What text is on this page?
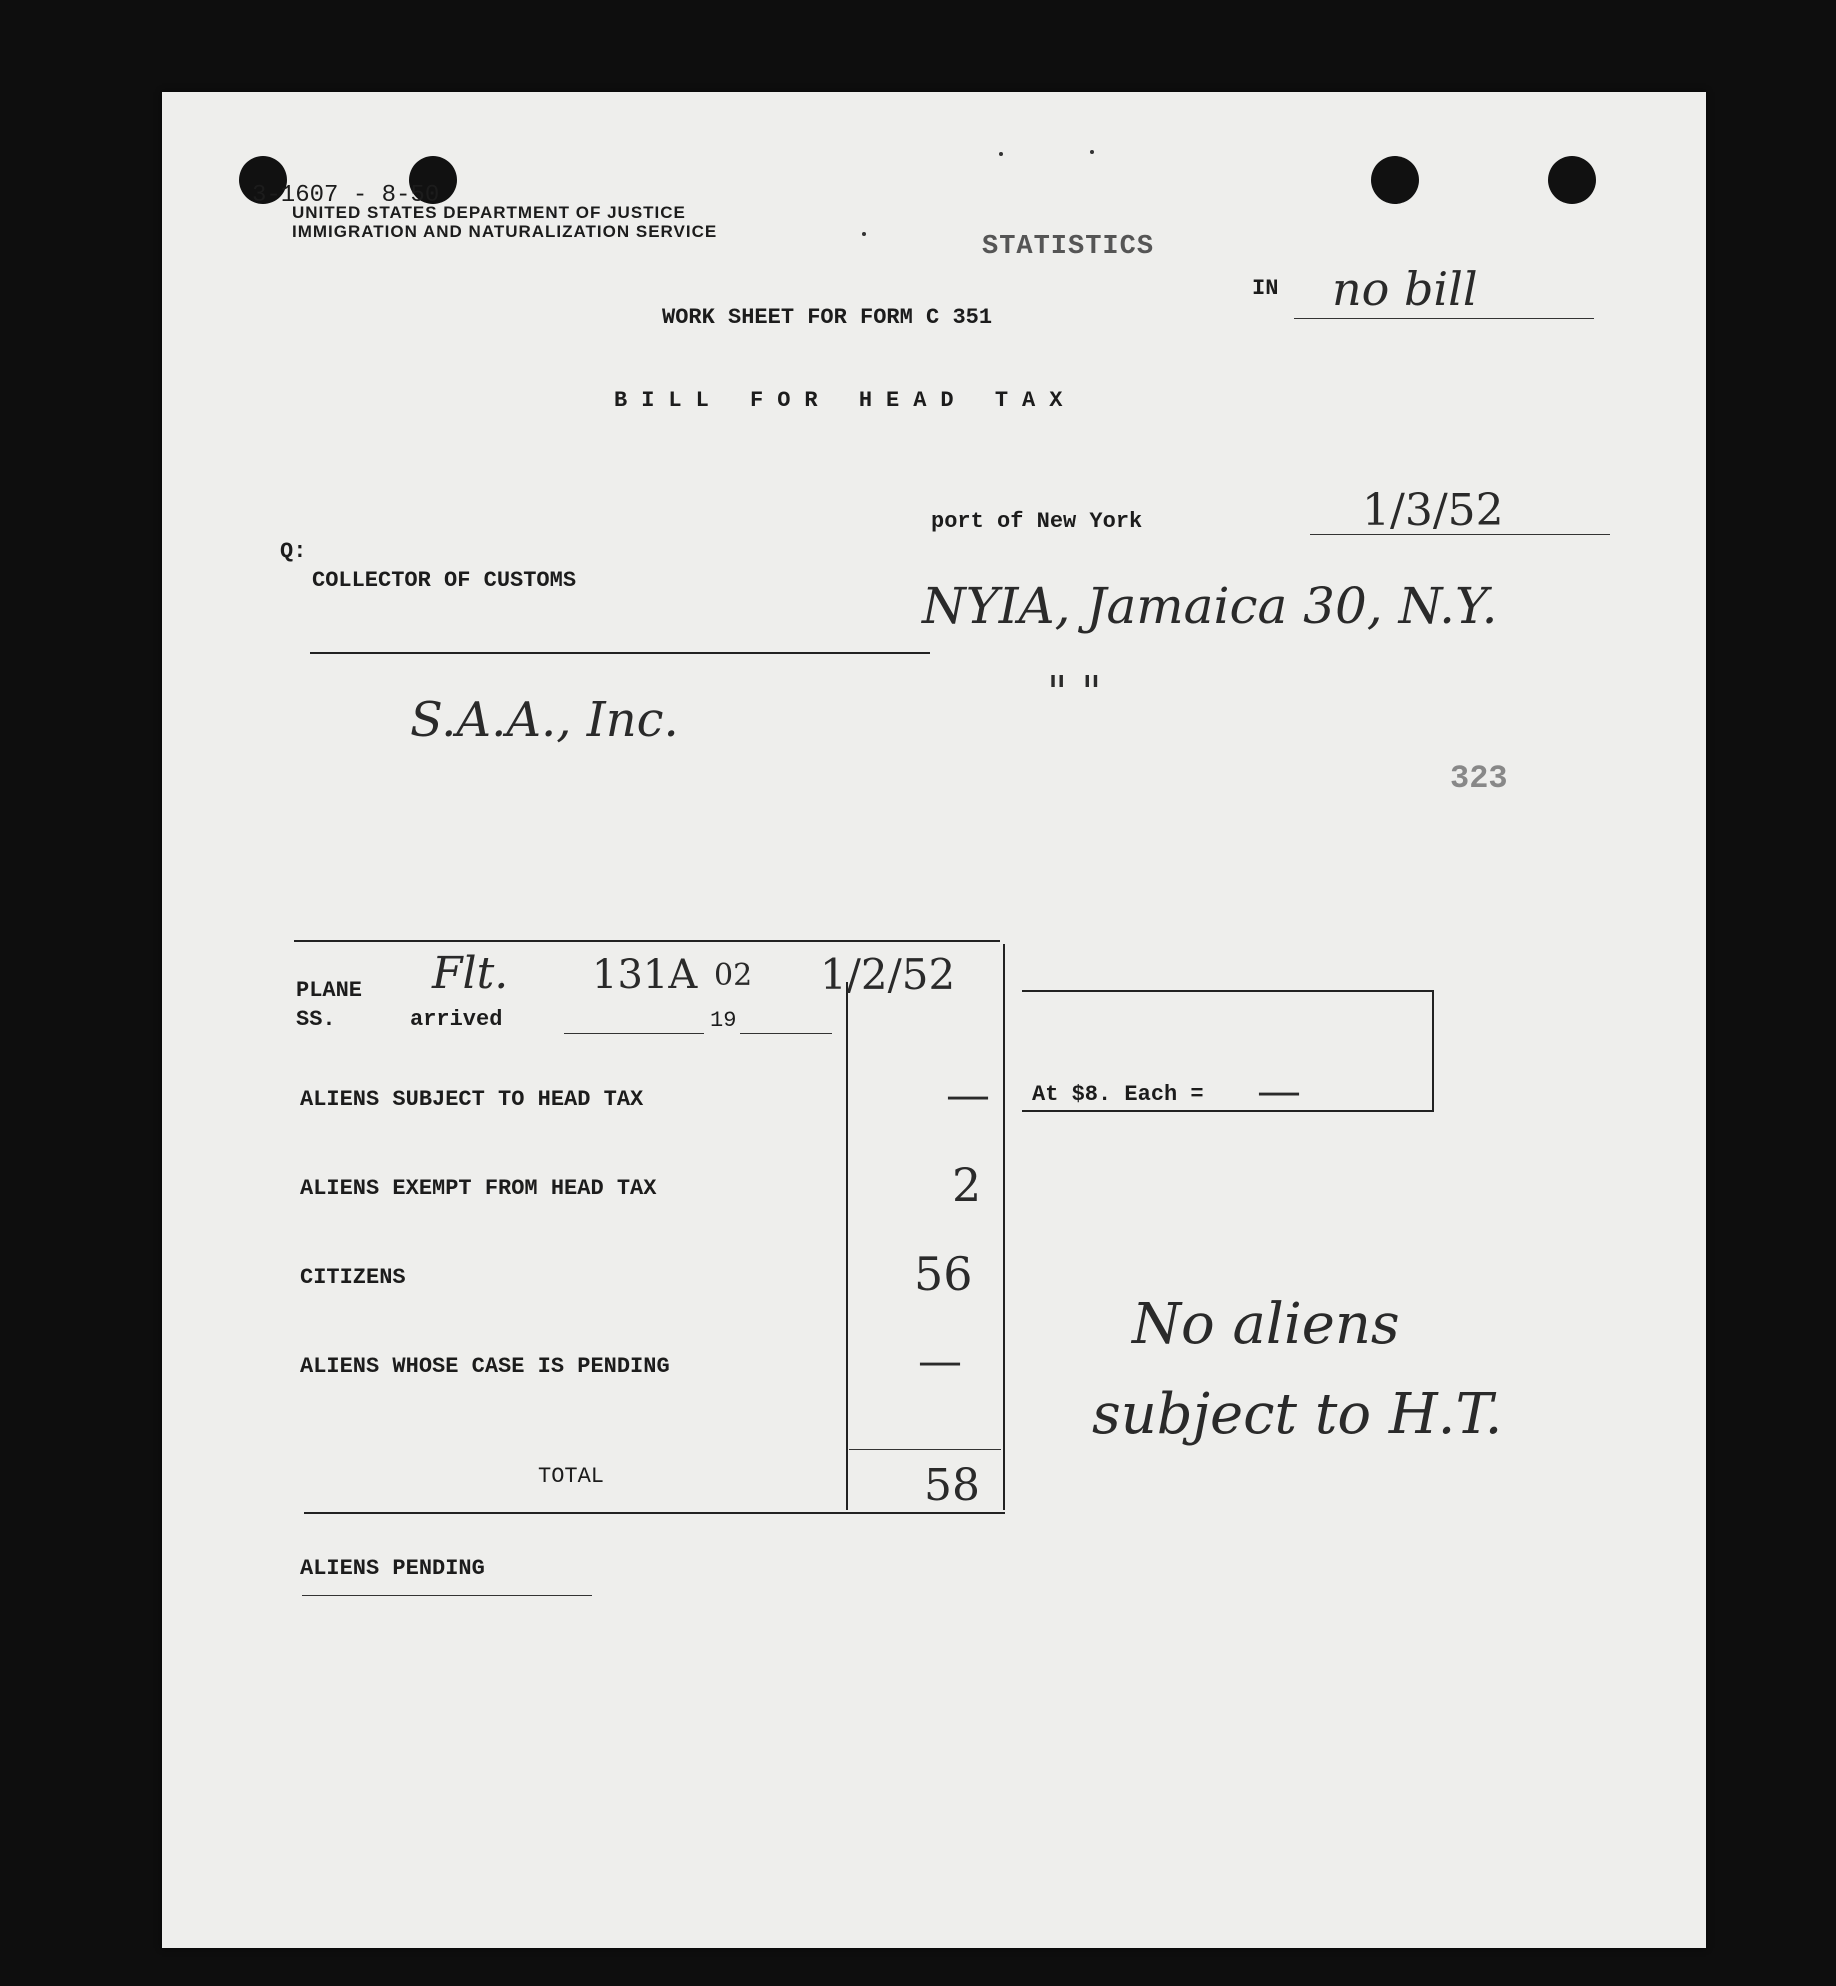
3-1607 - 8-50
UNITED STATES DEPARTMENT OF JUSTICE
IMMIGRATION AND NATURALIZATION SERVICE
STATISTICS
IN no bill
WORK SHEET FOR FORM C 351
BILL FOR HEAD TAX
port of New York	1/3/52
Q:
COLLECTOR OF CUSTOMS	NYIA, Jamaica 30, N.Y.
S.A.A., Inc.	" "
323
PLANE
SS.	arrived	19
Flt. 131A 02 1/2/52
ALIENS SUBJECT TO HEAD TAX	—
ALIENS EXEMPT FROM HEAD TAX	2
CITIZENS	56
ALIENS WHOSE CASE IS PENDING	—
TOTAL	58
At $8. Each = —
ALIENS PENDING
No aliens
subject to H.T.
